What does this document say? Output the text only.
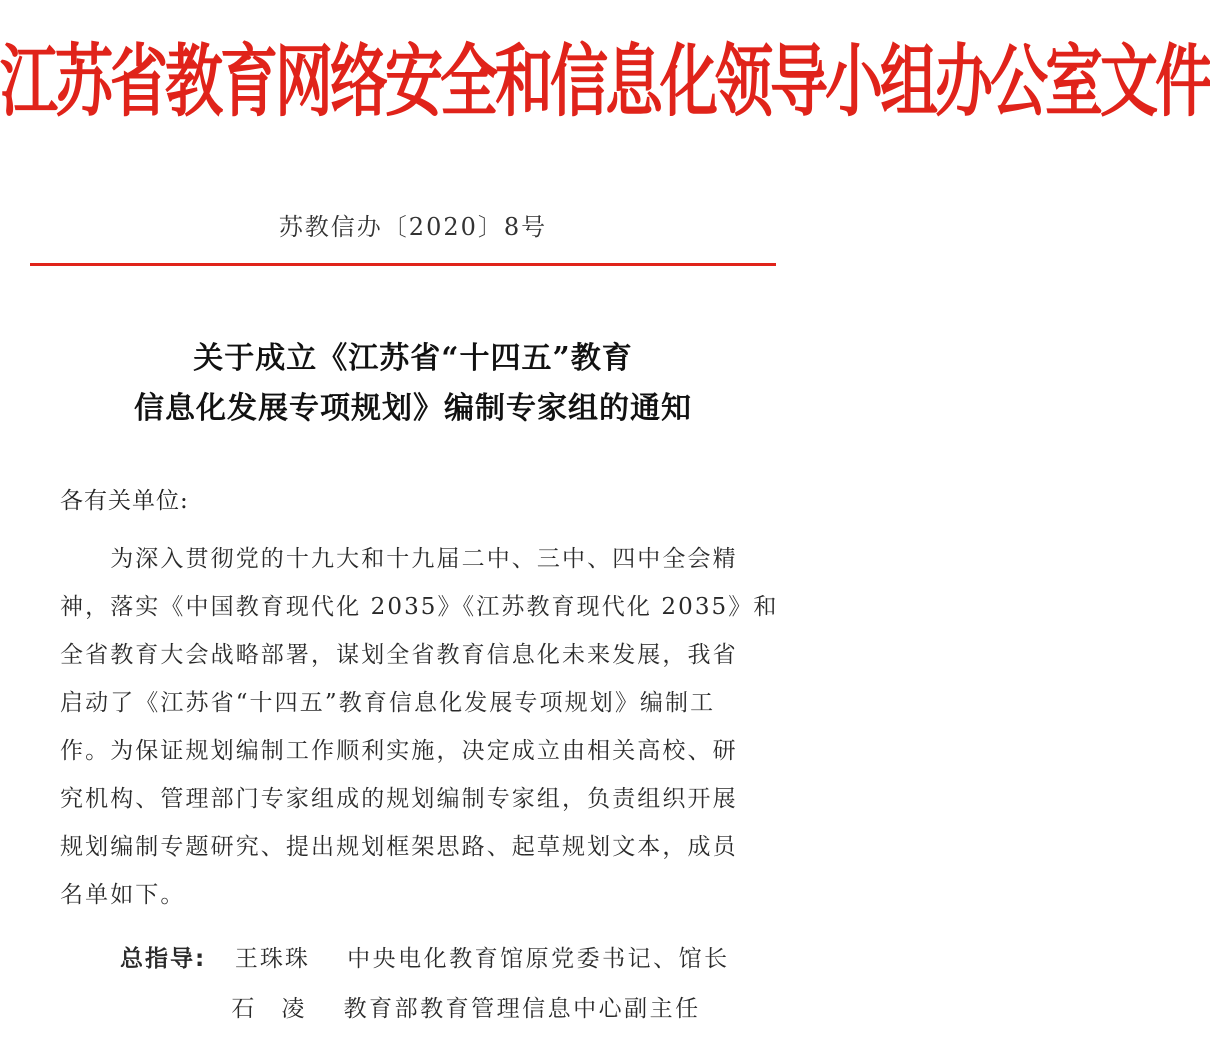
江苏省教育网络安全和信息化领导小组办公室文件
苏教信办〔2020〕8号
关于成立《江苏省“十四五”教育
信息化发展专项规划》编制专家组的通知
各有关单位:
　　为深入贯彻党的十九大和十九届二中、三中、四中全会精
神，落实《中国教育现代化 2035》《江苏教育现代化 2035》和
全省教育大会战略部署，谋划全省教育信息化未来发展，我省
启动了《江苏省“十四五”教育信息化发展专项规划》编制工
作。为保证规划编制工作顺利实施，决定成立由相关高校、研
究机构、管理部门专家组成的规划编制专家组，负责组织开展
规划编制专题研究、提出规划框架思路、起草规划文本，成员
名单如下。
总指导: 王珠珠 中央电化教育馆原党委书记、馆长
石　凌 教育部教育管理信息中心副主任
